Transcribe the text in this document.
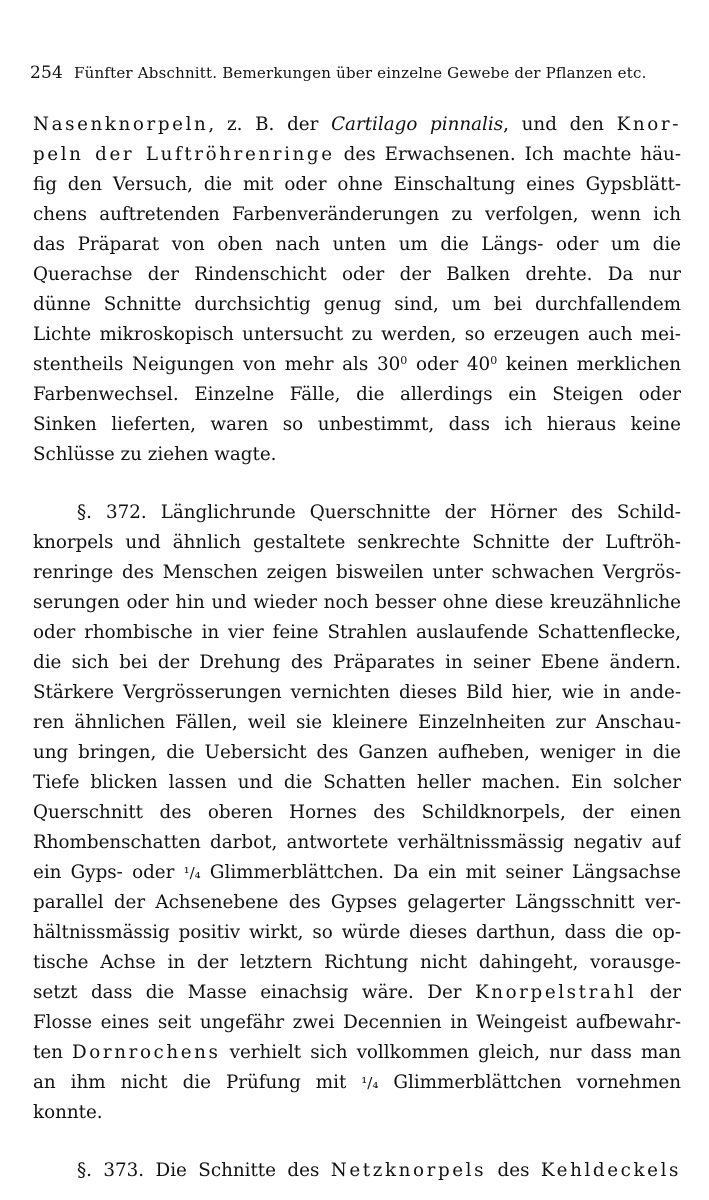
254 Fünfter Abschnitt. Bemerkungen über einzelne Gewebe der Pflanzen etc.
Nasenknorpeln, z. B. der Cartilago pinnalis, und den Knor-
peln der Luftröhrenringe des Erwachsenen. Ich machte häu-
fig den Versuch, die mit oder ohne Einschaltung eines Gypsblätt-
chens auftretenden Farbenveränderungen zu verfolgen, wenn ich
das Präparat von oben nach unten um die Längs- oder um die
Querachse der Rindenschicht oder der Balken drehte. Da nur
dünne Schnitte durchsichtig genug sind, um bei durchfallendem
Lichte mikroskopisch untersucht zu werden, so erzeugen auch mei-
stentheils Neigungen von mehr als $30^0$ oder $40^0$ keinen merklichen
Farbenwechsel. Einzelne Fälle, die allerdings ein Steigen oder
Sinken lieferten, waren so unbestimmt, dass ich hieraus keine
Schlüsse zu ziehen wagte.
§. 372. Länglichrunde Querschnitte der Hörner des Schild-
knorpels und ähnlich gestaltete senkrechte Schnitte der Luftröh-
renringe des Menschen zeigen bisweilen unter schwachen Vergrös-
serungen oder hin und wieder noch besser ohne diese kreuzähnliche
oder rhombische in vier feine Strahlen auslaufende Schattenflecke,
die sich bei der Drehung des Präparates in seiner Ebene ändern.
Stärkere Vergrösserungen vernichten dieses Bild hier, wie in ande-
ren ähnlichen Fällen, weil sie kleinere Einzelnheiten zur Anschau-
ung bringen, die Uebersicht des Ganzen aufheben, weniger in die
Tiefe blicken lassen und die Schatten heller machen. Ein solcher
Querschnitt des oberen Hornes des Schildknorpels, der einen
Rhombenschatten darbot, antwortete verhältnissmässig negativ auf
ein Gyps- oder ¹/₄ Glimmerblättchen. Da ein mit seiner Längsachse
parallel der Achsenebene des Gypses gelagerter Längsschnitt ver-
hältnissmässig positiv wirkt, so würde dieses darthun, dass die op-
tische Achse in der letztern Richtung nicht dahingeht, vorausge-
setzt dass die Masse einachsig wäre. Der Knorpelstrahl der
Flosse eines seit ungefähr zwei Decennien in Weingeist aufbewahr-
ten Dornrochens verhielt sich vollkommen gleich, nur dass man
an ihm nicht die Prüfung mit ¹/₄ Glimmerblättchen vornehmen
konnte.
§. 373. Die Schnitte des Netzknorpels des Kehldeckels
